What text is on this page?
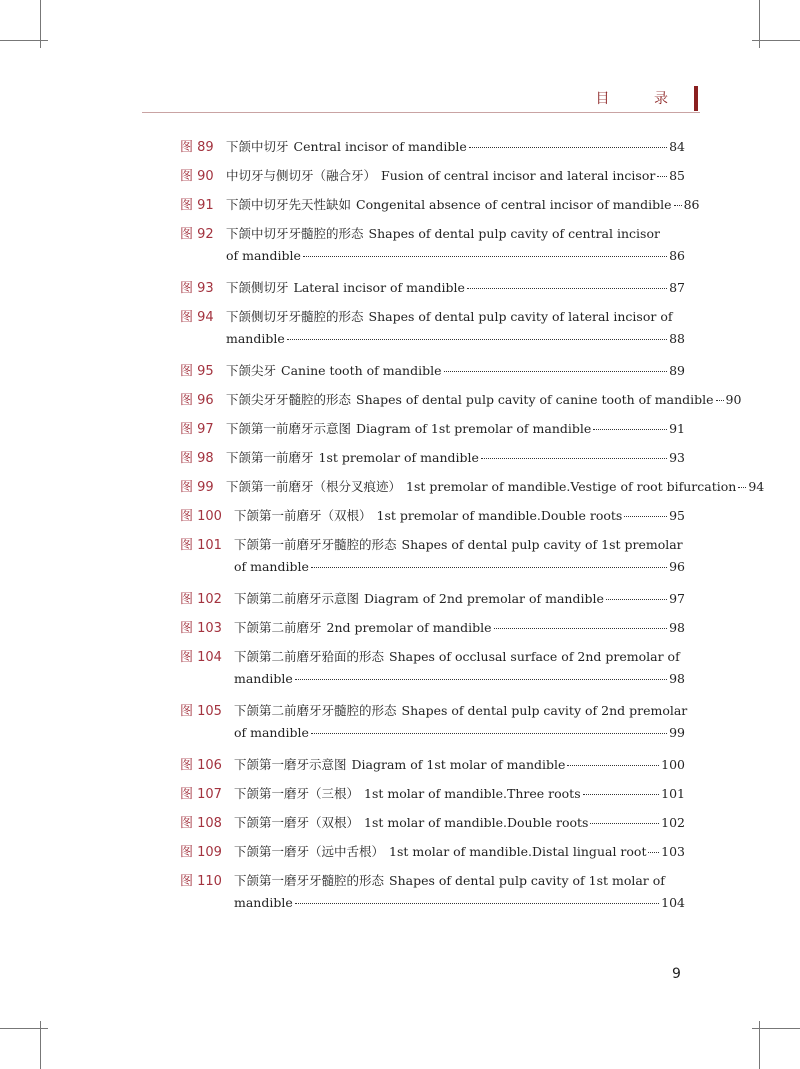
目 录
图 89 下颌中切牙 Central incisor of mandible	84
图 90 中切牙与侧切牙（融合牙） Fusion of central incisor and lateral incisor 85
图 91 下颌中切牙先天性缺如 Congenital absence of central incisor of mandible 86
图 92 下颌中切牙牙髓腔的形态 Shapes of dental pulp cavity of central incisor
of mandible	86
图 93 下颌侧切牙 Lateral incisor of mandible	87
图 94 下颌侧切牙牙髓腔的形态 Shapes of dental pulp cavity of lateral incisor of
mandible	88
图 95 下颌尖牙 Canine tooth of mandible	89
图 96 下颌尖牙牙髓腔的形态 Shapes of dental pulp cavity of canine tooth of mandible 90
图 97 下颌第一前磨牙示意图 Diagram of 1st premolar of mandible	91
图 98 下颌第一前磨牙 1st premolar of mandible	93
图 99 下颌第一前磨牙（根分叉痕迹） 1st premolar of mandible.Vestige of root bifurcation 94
图 100 下颌第一前磨牙（双根） 1st premolar of mandible.Double roots	95
图 101 下颌第一前磨牙牙髓腔的形态 Shapes of dental pulp cavity of 1st premolar
of mandible	96
图 102 下颌第二前磨牙示意图 Diagram of 2nd premolar of mandible	97
图 103 下颌第二前磨牙 2nd premolar of mandible	98
图 104 下颌第二前磨牙𬌗面的形态 Shapes of occlusal surface of 2nd premolar of
mandible	98
图 105 下颌第二前磨牙牙髓腔的形态 Shapes of dental pulp cavity of 2nd premolar
of mandible	99
图 106 下颌第一磨牙示意图 Diagram of 1st molar of mandible	100
图 107 下颌第一磨牙（三根） 1st molar of mandible.Three roots	101
图 108 下颌第一磨牙（双根） 1st molar of mandible.Double roots	102
图 109 下颌第一磨牙（远中舌根） 1st molar of mandible.Distal lingual root 103
图 110 下颌第一磨牙牙髓腔的形态 Shapes of dental pulp cavity of 1st molar of
mandible	104
9
